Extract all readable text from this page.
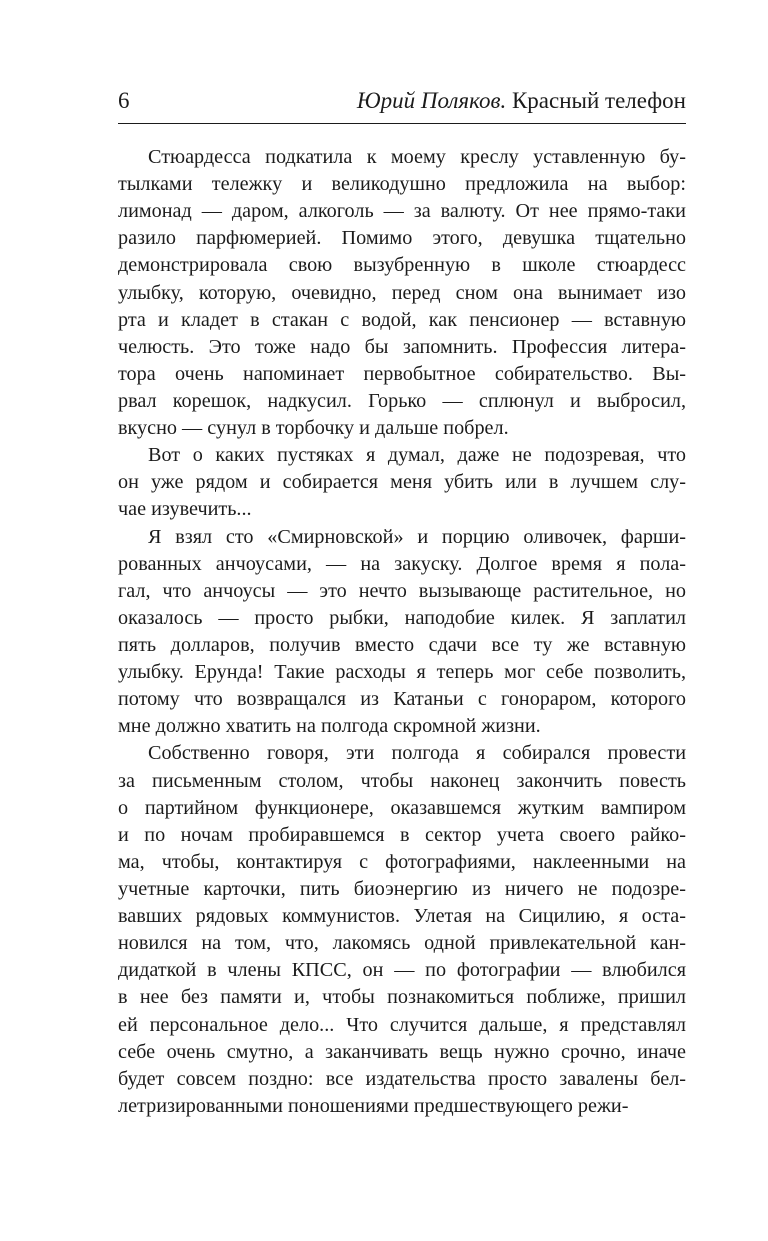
6	Юрий Поляков. Красный телефон
Стюардесса подкатила к моему креслу уставленную бу-
тылками тележку и великодушно предложила на выбор:
лимонад — даром, алкоголь — за валюту. От нее прямо-таки
разило парфюмерией. Помимо этого, девушка тщательно
демонстрировала свою вызубренную в школе стюардесс
улыбку, которую, очевидно, перед сном она вынимает изо
рта и кладет в стакан с водой, как пенсионер — вставную
челюсть. Это тоже надо бы запомнить. Профессия литера-
тора очень напоминает первобытное собирательство. Вы-
рвал корешок, надкусил. Горько — сплюнул и выбросил,
вкусно — сунул в торбочку и дальше побрел.
Вот о каких пустяках я думал, даже не подозревая, что
он уже рядом и собирается меня убить или в лучшем слу-
чае изувечить...
Я взял сто «Смирновской» и порцию оливочек, фарши-
рованных анчоусами, — на закуску. Долгое время я пола-
гал, что анчоусы — это нечто вызывающе растительное, но
оказалось — просто рыбки, наподобие килек. Я заплатил
пять долларов, получив вместо сдачи все ту же вставную
улыбку. Ерунда! Такие расходы я теперь мог себе позволить,
потому что возвращался из Катаньи с гонораром, которого
мне должно хватить на полгода скромной жизни.
Собственно говоря, эти полгода я собирался провести
за письменным столом, чтобы наконец закончить повесть
о партийном функционере, оказавшемся жутким вампиром
и по ночам пробиравшемся в сектор учета своего райко-
ма, чтобы, контактируя с фотографиями, наклеенными на
учетные карточки, пить биоэнергию из ничего не подозре-
вавших рядовых коммунистов. Улетая на Сицилию, я оста-
новился на том, что, лакомясь одной привлекательной кан-
дидаткой в члены КПСС, он — по фотографии — влюбился
в нее без памяти и, чтобы познакомиться поближе, пришил
ей персональное дело... Что случится дальше, я представлял
себе очень смутно, а заканчивать вещь нужно срочно, иначе
будет совсем поздно: все издательства просто завалены бел-
летризированными поношениями предшествующего режи-
